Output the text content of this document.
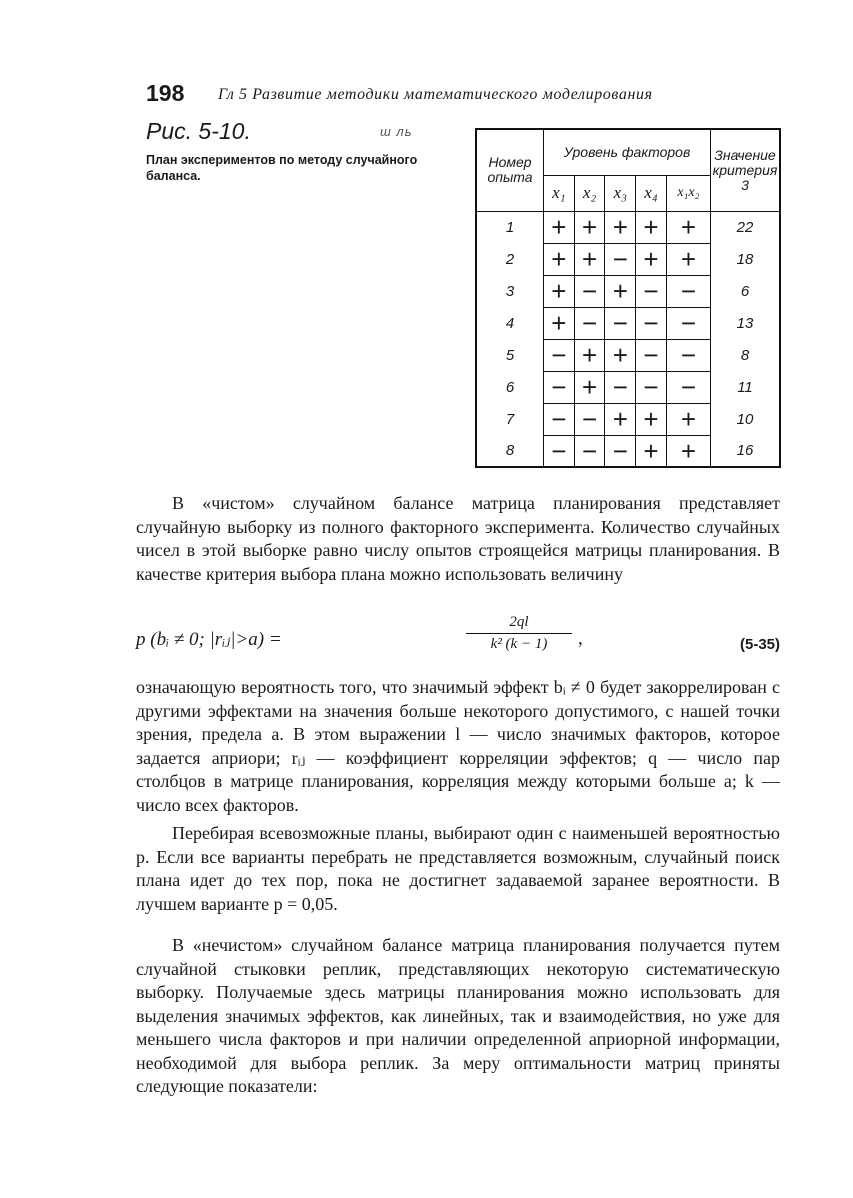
198 Гл 5 Развитие методики математического моделирования
Рис. 5-10.	ш ль
План экспериментов по методу случайного баланса.
Номер опыта	Уровень факторов					Значение критерия 3
	x₁	x₂	x₃	x₄	x₁x₂	
1	+	+	+	+	+	22
2	+	+	−	+	+	18
3	+	−	+	−	−	6
4	+	−	−	−	−	13
5	−	+	+	−	−	8
6	−	+	−	−	−	11
7	−	−	+	+	+	10
8	−	−	−	+	+	16
В «чистом» случайном балансе матрица планирования представляет случайную выборку из полного факторного эксперимента. Количество случайных чисел в этой выборке равно числу опытов строящейся матрицы планирования. В качестве критерия выбора плана можно использовать величину
p (bᵢ ≠ 0; |rᵢⱼ|>a) =	$\frac{2ql}{\text{k² (k − 1)}}$ ,	(5-35)
означающую вероятность того, что значимый эффект bᵢ ≠ 0 будет закоррелирован с другими эффектами на значения больше некоторого допустимого, с нашей точки зрения, предела a. В этом выражении l — число значимых факторов, которое задается априори; rᵢⱼ — коэффициент корреляции эффектов; q — число пар столбцов в матрице планирования, корреляция между которыми больше a; k — число всех факторов.
Перебирая всевозможные планы, выбирают один с наименьшей вероятностью p. Если все варианты перебрать не представляется возможным, случайный поиск плана идет до тех пор, пока не достигнет задаваемой заранее вероятности. В лучшем варианте p = 0,05.
В «нечистом» случайном балансе матрица планирования получается путем случайной стыковки реплик, представляющих некоторую систематическую выборку. Получаемые здесь матрицы планирования можно использовать для выделения значимых эффектов, как линейных, так и взаимодействия, но уже для меньшего числа факторов и при наличии определенной априорной информации, необходимой для выбора реплик. За меру оптимальности матриц приняты следующие показатели:
